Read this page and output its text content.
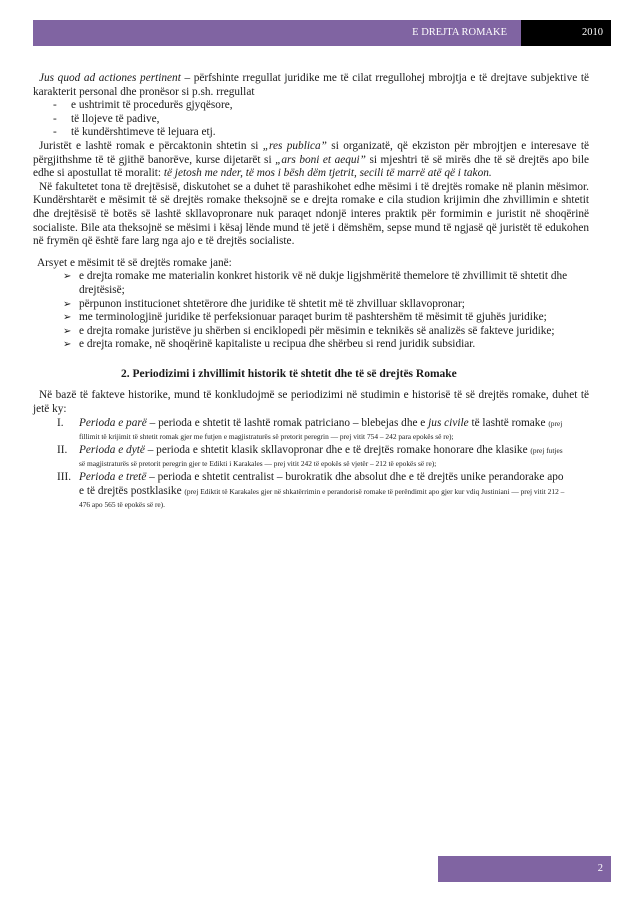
E DREJTA ROMAKE	2010

Jus quod ad actiones pertinent – përfshinte rregullat juridike me të cilat rregullohej mbrojtja e të drejtave subjektive të karakterit personal dhe pronësor si p.sh. rregullat

-	e ushtrimit të procedurës gjyqësore,
-	të llojeve të padive,
-	të kundërshtimeve të lejuara etj.

Juristët e lashtë romak e përcaktonin shtetin si „res publica” si organizatë, që ekziston për mbrojtjen e interesave të përgjithshme të të gjithë banorëve, kurse dijetarët si „ars boni et aequi” si mjeshtri të së mirës dhe të së drejtës apo bile edhe si apostullat të moralit: të jetosh me nder, të mos i bësh dëm tjetrit, secili të marrë atë që i takon.

Në fakultetet tona të drejtësisë, diskutohet se a duhet të parashikohet edhe mësimi i të drejtës romake në planin mësimor. Kundërshtarët e mësimit të së drejtës romake theksojnë se e drejta romake e cila studion krijimin dhe zhvillimin e shtetit dhe drejtësisë të botës së lashtë skllavopronare nuk paraqet ndonjë interes praktik për formimin e juristit në shoqërinë socialiste. Bile ata theksojnë se mësimi i kësaj lënde mund të jetë i dëmshëm, sepse mund të ngjasë që juristët të edukohen në frymën që është fare larg nga ajo e të drejtës socialiste.

Arsyet e mësimit të së drejtës romake janë:

➢ e drejta romake me materialin konkret historik vë në dukje ligjshmëritë themelore të zhvillimit të shtetit dhe drejtësisë;
➢ përpunon institucionet shtetërore dhe juridike të shtetit më të zhvilluar skllavopronar;
➢ me terminologjinë juridike të perfeksionuar paraqet burim të pashtershëm të mësimit të gjuhës juridike;
➢ e drejta romake juristëve ju shërben si enciklopedi për mësimin e teknikës së analizës së fakteve juridike;
➢ e drejta romake, në shoqërinë kapitaliste u recipua dhe shërbeu si rend juridik subsidiar.
2. Periodizimi i zhvillimit historik të shtetit dhe të së drejtës Romake

Në bazë të fakteve historike, mund të konkludojmë se periodizimi në studimin e historisë të së drejtës romake, duhet të jetë ky:

I.	Perioda e parë – perioda e shtetit të lashtë romak patriciano – blebejas dhe e jus civile të lashtë romake (prej fillimit të krijimit të shtetit romak gjer me futjen e magjistraturës së pretorit peregrin — prej vitit 754 – 242 para epokës sё re);
II.	Perioda e dytë – perioda e shtetit klasik skllavopronar dhe e të drejtës romake honorare dhe klasike (prej futjes së magjistraturës së pretorit peregrin gjer te Edikti i Karakales — prej vitit 242 të epokës së vjetër – 212 të epokës së re);
III. Perioda e tretë – perioda e shtetit centralist – burokratik dhe absolut dhe e të drejtës unike perandorake apo e të drejtës postklasike (prej Ediktit të Karakales gjer në shkatërrimin e perandorisë romake të perëndimit apo gjer kur vdiq Justiniani — prej vitit 212 – 476 apo 565 të epokës së re).
2
